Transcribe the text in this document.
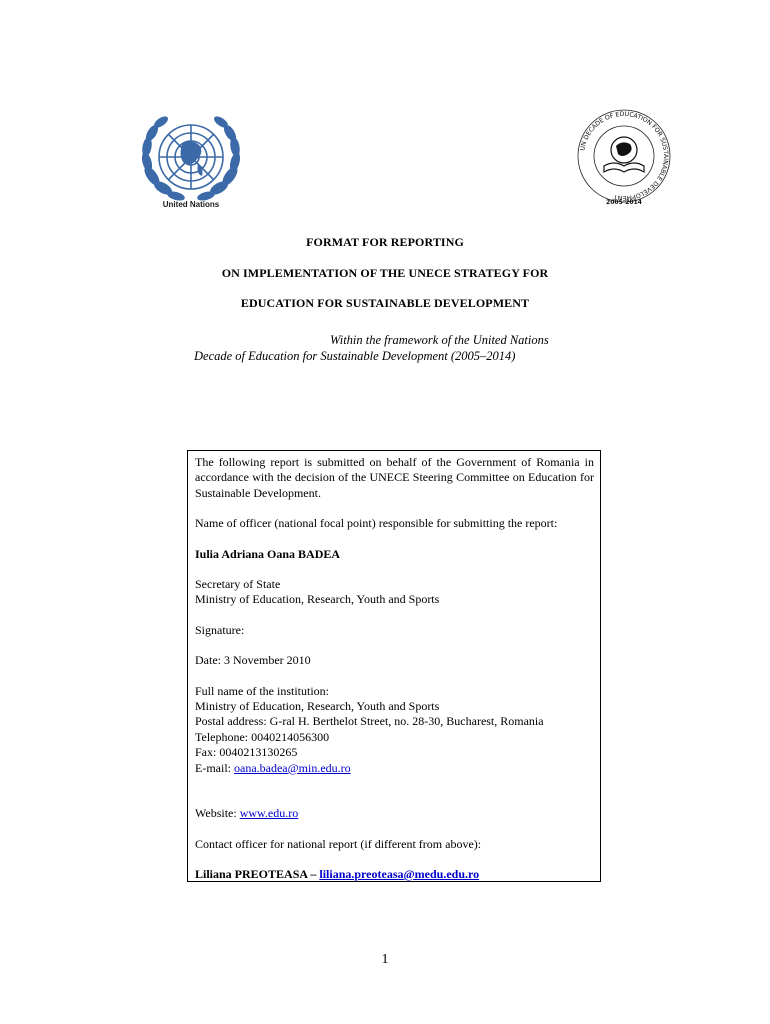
United Nations
UN DECADE OF EDUCATION FOR SUSTAINABLE DEVELOPMENT
2005-2014
FORMAT FOR REPORTING
ON IMPLEMENTATION OF THE UNECE STRATEGY FOR
EDUCATION FOR SUSTAINABLE DEVELOPMENT
Within the framework of the United Nations
Decade of Education for Sustainable Development (2005–2014)

The following report is submitted on behalf of the Government of Romania in accordance with the decision of the UNECE Steering Committee on Education for Sustainable Development.

Name of officer (national focal point) responsible for submitting the report:

Iulia Adriana Oana BADEA

Secretary of State

Ministry of Education, Research, Youth and Sports

Signature:

Date: 3 November 2010

Full name of the institution:

Ministry of Education, Research, Youth and Sports

Postal address: G-ral H. Berthelot Street, no. 28-30, Bucharest, Romania

Telephone: 0040214056300

Fax: 0040213130265

E-mail: oana.badea@min.edu.ro

Website: www.edu.ro

Contact officer for national report (if different from above):

Liliana PREOTEASA – liliana.preoteasa@medu.edu.ro

1
